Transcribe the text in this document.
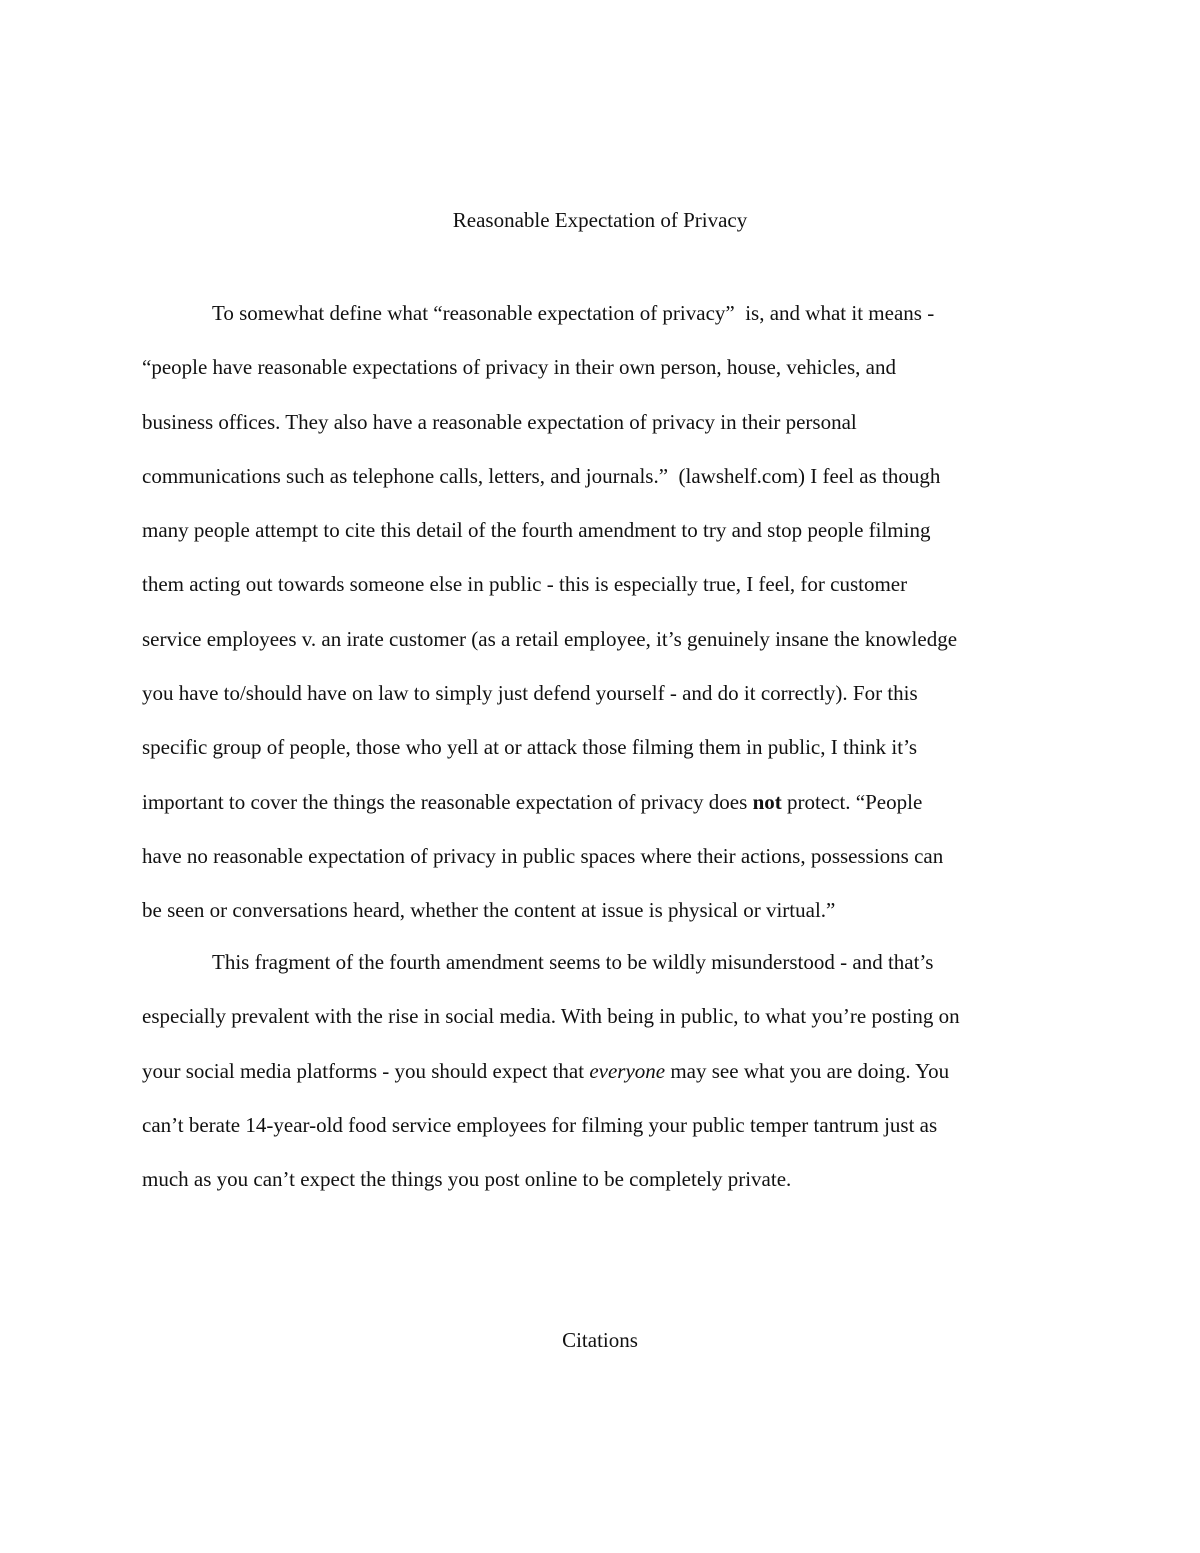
Reasonable Expectation of Privacy
To somewhat define what “reasonable expectation of privacy”  is, and what it means -
“people have reasonable expectations of privacy in their own person, house, vehicles, and
business offices. They also have a reasonable expectation of privacy in their personal
communications such as telephone calls, letters, and journals.”  (lawshelf.com) I feel as though
many people attempt to cite this detail of the fourth amendment to try and stop people filming
them acting out towards someone else in public - this is especially true, I feel, for customer
service employees v. an irate customer (as a retail employee, it’s genuinely insane the knowledge
you have to/should have on law to simply just defend yourself - and do it correctly). For this
specific group of people, those who yell at or attack those filming them in public, I think it’s
important to cover the things the reasonable expectation of privacy does not protect. “People
have no reasonable expectation of privacy in public spaces where their actions, possessions can
be seen or conversations heard, whether the content at issue is physical or virtual.”
This fragment of the fourth amendment seems to be wildly misunderstood - and that’s
especially prevalent with the rise in social media. With being in public, to what you’re posting on
your social media platforms - you should expect that everyone may see what you are doing. You
can’t berate 14-year-old food service employees for filming your public temper tantrum just as
much as you can’t expect the things you post online to be completely private.
Citations
